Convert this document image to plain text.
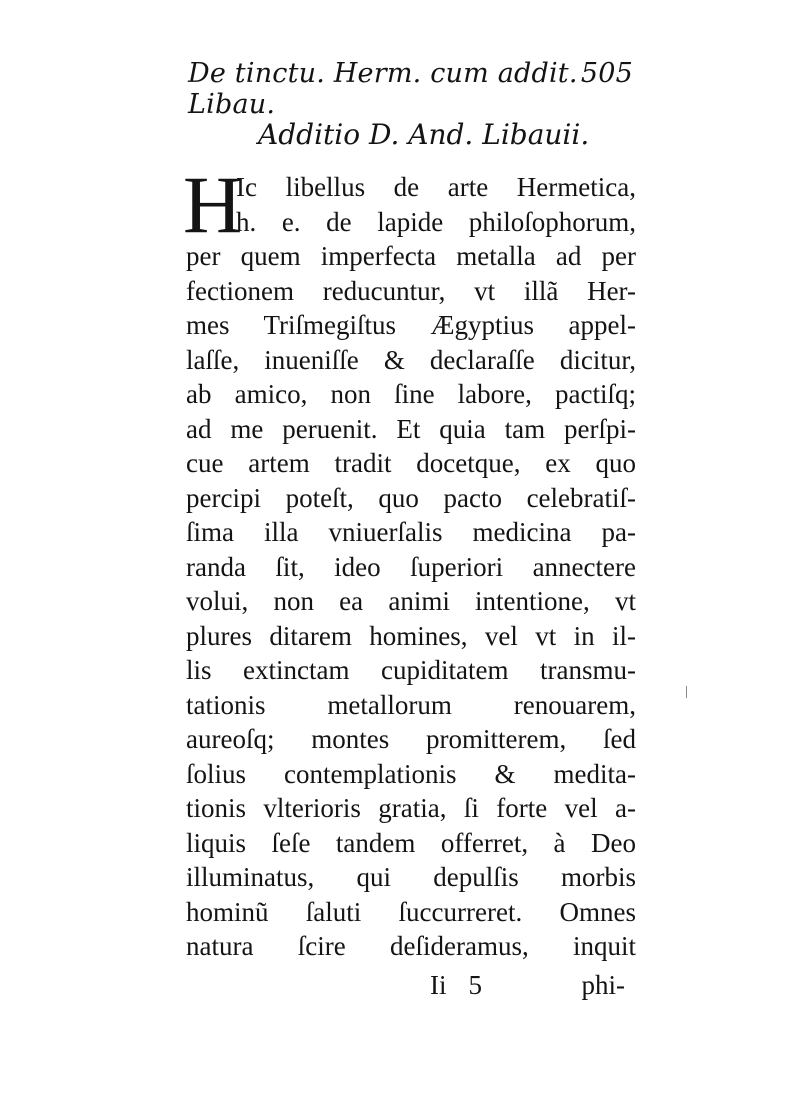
De tinctu. Herm. cum addit. Libau.
505
Additio D. And. Libauii.
H
Ic libellus de arte Hermetica,
h. e. de lapide philoſophorum,
per quem imperfecta metalla ad per
fectionem reducuntur, vt illã Her-
mes Triſmegiſtus Ægyptius appel-
laſſe, inueniſſe & declaraſſe dicitur,
ab amico, non ſine labore, pactiſq;
ad me peruenit. Et quia tam perſpi-
cue artem tradit docetque, ex quo
percipi poteſt, quo pacto celebratiſ-
ſima illa vniuerſalis medicina pa-
randa ſit, ideo ſuperiori annectere
volui, non ea animi intentione, vt
plures ditarem homines, vel vt in il-
lis extinctam cupiditatem transmu-
tationis metallorum renouarem,
aureoſq; montes promitterem, ſed
ſolius contemplationis & medita-
tionis vlterioris gratia, ſi forte vel a-
liquis ſeſe tandem offerret, à Deo
illuminatus, qui depulſis morbis
hominũ ſaluti ſuccurreret. Omnes
natura ſcire deſideramus, inquit
Ii 5	phi-
